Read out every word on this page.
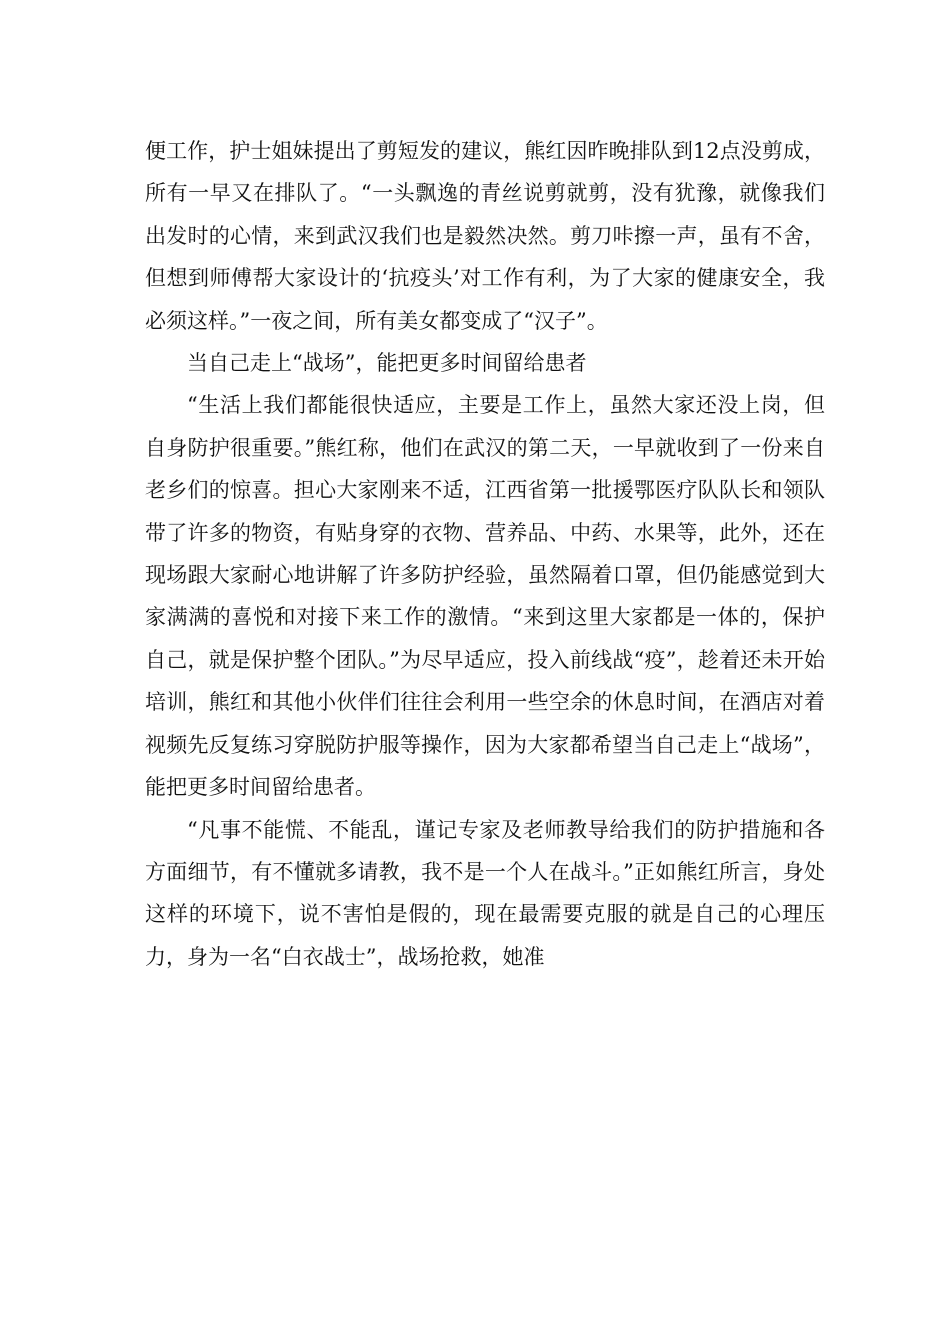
便工作，护士姐妹提出了剪短发的建议，熊红因昨晚排队到12点没剪成，所有一早又在排队了。“一头飘逸的青丝说剪就剪，没有犹豫，就像我们出发时的心情，来到武汉我们也是毅然决然。剪刀咔擦一声，虽有不舍，但想到师傅帮大家设计的‘抗疫头’对工作有利，为了大家的健康安全，我必须这样。”一夜之间，所有美女都变成了“汉子”。

当自己走上“战场”，能把更多时间留给患者

“生活上我们都能很快适应，主要是工作上，虽然大家还没上岗，但自身防护很重要。”熊红称，他们在武汉的第二天，一早就收到了一份来自老乡们的惊喜。担心大家刚来不适，江西省第一批援鄂医疗队队长和领队带了许多的物资，有贴身穿的衣物、营养品、中药、水果等，此外，还在现场跟大家耐心地讲解了许多防护经验，虽然隔着口罩，但仍能感觉到大家满满的喜悦和对接下来工作的激情。“来到这里大家都是一体的，保护自己，就是保护整个团队。”为尽早适应，投入前线战“疫”，趁着还未开始培训，熊红和其他小伙伴们往往会利用一些空余的休息时间，在酒店对着视频先反复练习穿脱防护服等操作，因为大家都希望当自己走上“战场”，能把更多时间留给患者。

“凡事不能慌、不能乱，谨记专家及老师教导给我们的防护措施和各方面细节，有不懂就多请教，我不是一个人在战斗。”正如熊红所言，身处这样的环境下，说不害怕是假的，现在最需要克服的就是自己的心理压力，身为一名“白衣战士”，战场抢救，她准
